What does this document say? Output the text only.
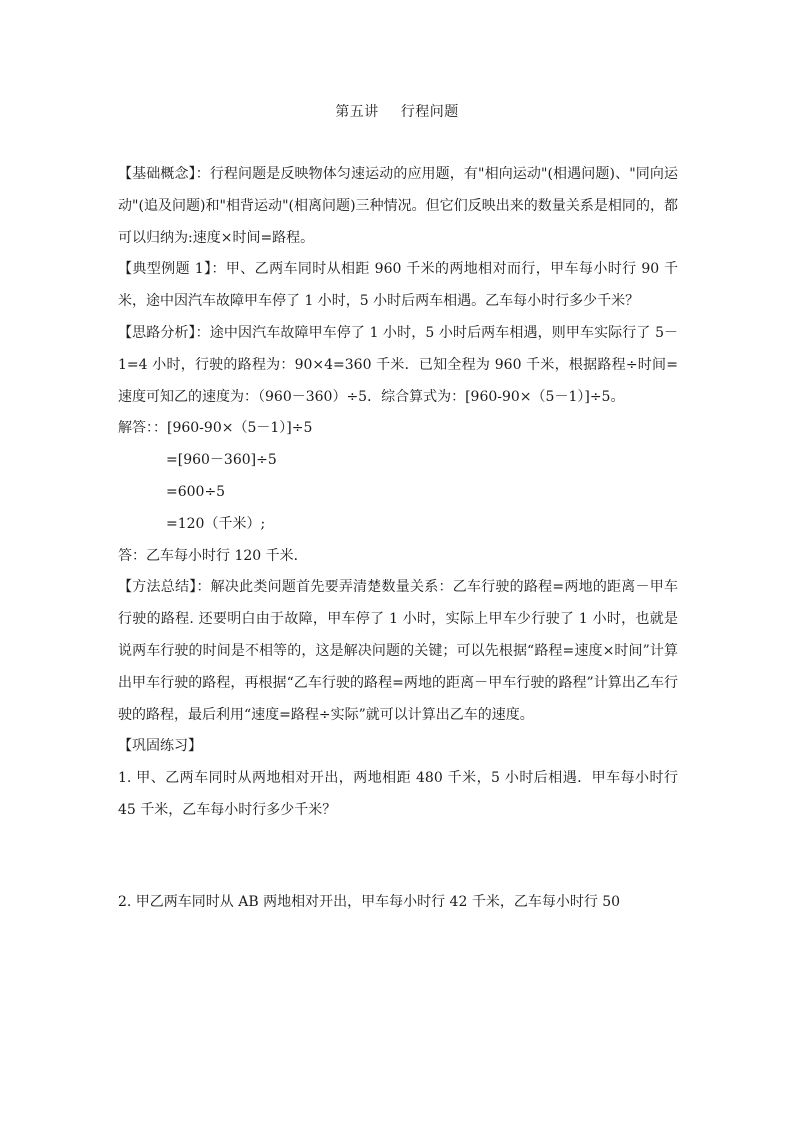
第五讲 行程问题

【基础概念】：行程问题是反映物体匀速运动的应用题，有"相向运动"(相遇问题)、"同向运动"(追及问题)和"相背运动"(相离问题)三种情况。但它们反映出来的数量关系是相同的，都可以归纳为:速度×时间=路程。

【典型例题 1】：甲、乙两车同时从相距 960 千米的两地相对而行，甲车每小时行 90 千米，途中因汽车故障甲车停了 1 小时，5 小时后两车相遇。乙车每小时行多少千米？

【思路分析】：途中因汽车故障甲车停了 1 小时，5 小时后两车相遇，则甲车实际行了 5－1=4 小时，行驶的路程为：90×4=360 千米．已知全程为 960 千米，根据路程÷时间=速度可知乙的速度为：（960－360）÷5．综合算式为：[960-90×（5－1）]÷5。

解答：：[960-90×（5－1）]÷5

=[960－360]÷5

=600÷5

=120（千米）;

答：乙车每小时行 120 千米．

【方法总结】：解决此类问题首先要弄清楚数量关系：乙车行驶的路程=两地的距离－甲车行驶的路程. 还要明白由于故障，甲车停了 1 小时，实际上甲车少行驶了 1 小时，也就是说两车行驶的时间是不相等的，这是解决问题的关键；可以先根据“路程=速度×时间”计算出甲车行驶的路程，再根据“乙车行驶的路程=两地的距离－甲车行驶的路程”计算出乙车行驶的路程，最后利用“速度=路程÷实际”就可以计算出乙车的速度。

【巩固练习】

1. 甲、乙两车同时从两地相对开出，两地相距 480 千米，5 小时后相遇．甲车每小时行 45 千米，乙车每小时行多少千米？

2. 甲乙两车同时从 AB 两地相对开出，甲车每小时行 42 千米，乙车每小时行 50
